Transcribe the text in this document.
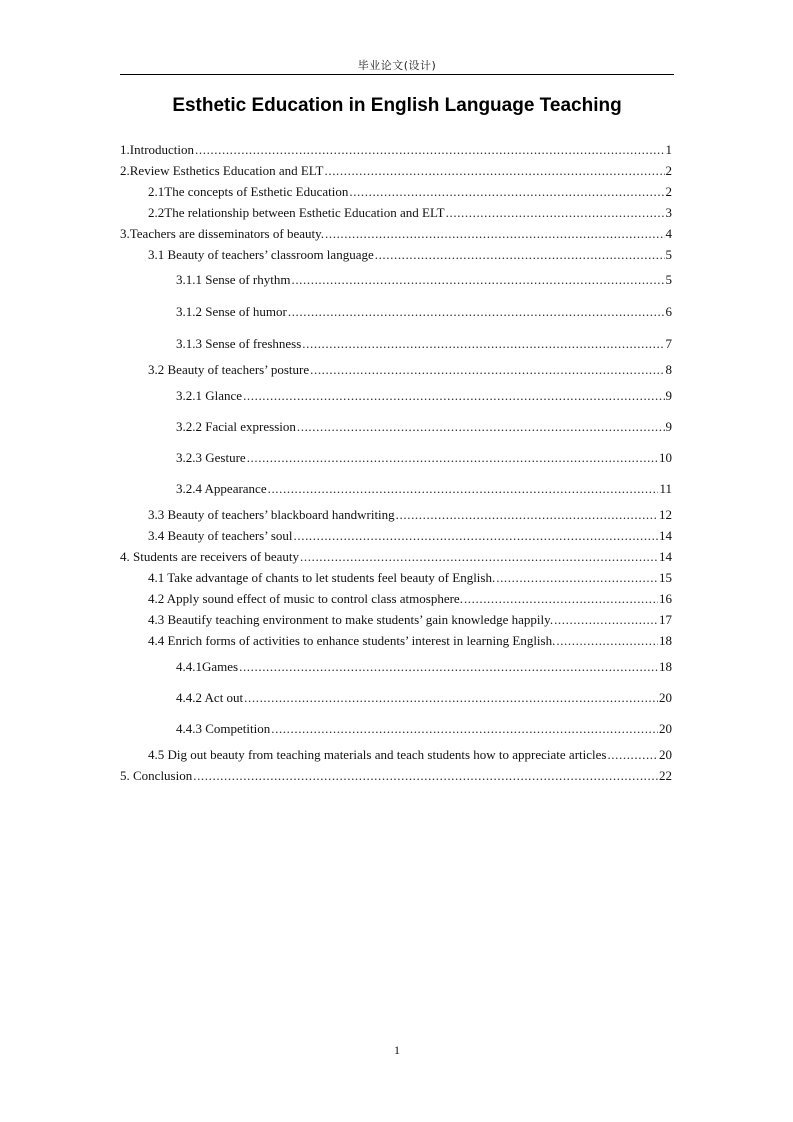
毕业论文(设计)
Esthetic Education in English Language Teaching
1.Introduction .....	1
2.Review Esthetics Education and ELT .....	2
2.1The concepts of Esthetic Education .....	2
2.2The relationship between Esthetic Education and ELT .....	3
3.Teachers are disseminators of beauty. .....	4
3.1 Beauty of teachers’ classroom language .....	5
3.1.1 Sense of rhythm .....	5
3.1.2 Sense of humor .....	6
3.1.3 Sense of freshness .....	7
3.2 Beauty of teachers’ posture .....	8
3.2.1 Glance .....	9
3.2.2 Facial expression .....	9
3.2.3 Gesture .....	10
3.2.4 Appearance .....	11
3.3 Beauty of teachers’ blackboard handwriting .....	12
3.4 Beauty of teachers’ soul .....	14
4. Students are receivers of beauty .....	14
4.1 Take advantage of chants to let students feel beauty of English. .....	15
4.2 Apply sound effect of music to control class atmosphere. .....	16
4.3 Beautify teaching environment to make students’ gain knowledge happily. .....	17
4.4 Enrich forms of activities to enhance students’ interest in learning English. .....	18
4.4.1Games .....	18
4.4.2 Act out .....	20
4.4.3 Competition .....	20
4.5 Dig out beauty from teaching materials and teach students how to appreciate articles .....	20
5. Conclusion .....	22
1
